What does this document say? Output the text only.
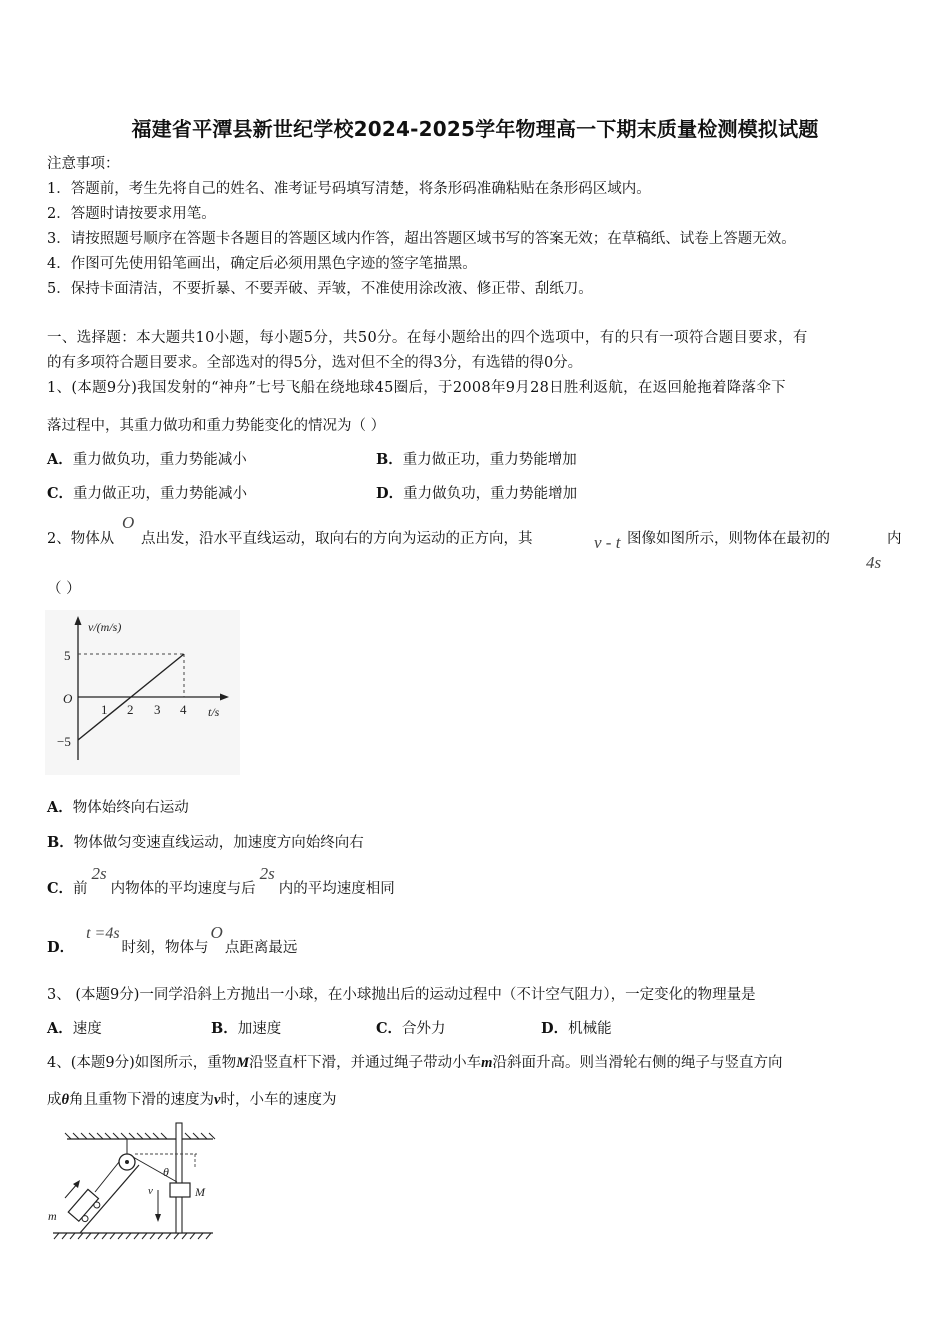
福建省平潭县新世纪学校2024-2025学年物理高一下期末质量检测模拟试题
注意事项：
1．答题前，考生先将自己的姓名、准考证号码填写清楚，将条形码准确粘贴在条形码区域内。
2．答题时请按要求用笔。
3．请按照题号顺序在答题卡各题目的答题区域内作答，超出答题区域书写的答案无效；在草稿纸、试卷上答题无效。
4．作图可先使用铅笔画出，确定后必须用黑色字迹的签字笔描黑。
5．保持卡面清洁，不要折暴、不要弄破、弄皱，不准使用涂改液、修正带、刮纸刀。
一、选择题：本大题共10小题，每小题5分，共50分。在每小题给出的四个选项中，有的只有一项符合题目要求，有
的有多项符合题目要求。全部选对的得5分，选对但不全的得3分，有选错的得0分。
1、(本题9分)我国发射的“神舟”七号飞船在绕地球45圈后，于2008年9月28日胜利返航，在返回舱拖着降落伞下
落过程中，其重力做功和重力势能变化的情况为（ ）
A．重力做负功，重力势能减小	B．重力做正功，重力势能增加
C．重力做正功，重力势能减小	D．重力做负功，重力势能增加
2、物体从
O
点出发，沿水平直线运动，取向右的方向为运动的正方向，其	v - t 图像如图所示，则物体在最初的
4s
内
（ ）
v/(m/s)
t/s
O
5
−5
1 2 3 4
A．物体始终向右运动
B．物体做匀变速直线运动，加速度方向始终向右
C．前2s内物体的平均速度与后2s内的平均速度相同
D．t =4s时刻，物体与O点距离最远
3、 (本题9分)一同学沿斜上方抛出一小球，在小球抛出后的运动过程中（不计空气阻力），一定变化的物理量是
A．速度	B．加速度	C．合外力	D．机械能
4、(本题9分)如图所示，重物M沿竖直杆下滑，并通过绳子带动小车m沿斜面升高。则当滑轮右侧的绳子与竖直方向
成θ角且重物下滑的速度为v时，小车的速度为
θ
M
v
m
